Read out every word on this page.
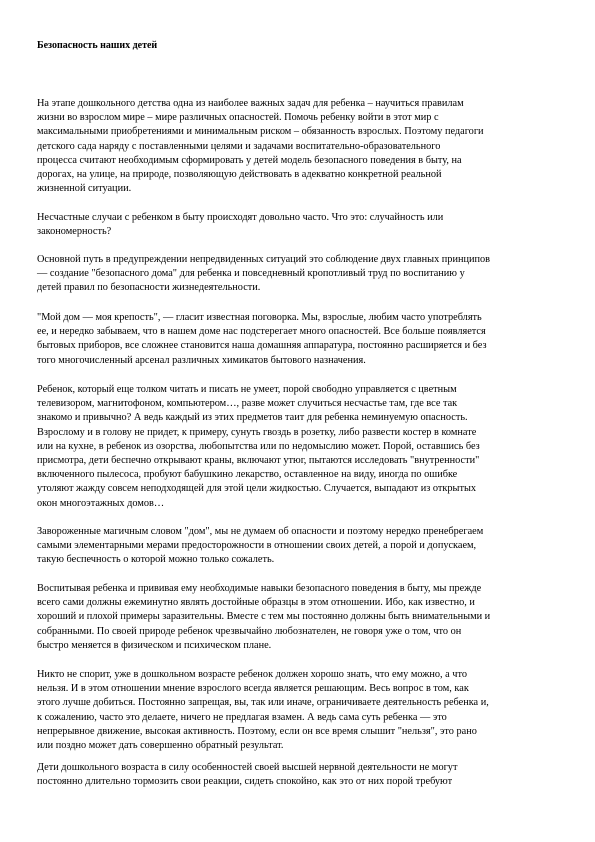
Безопасность наших детей
На этапе дошкольного детства одна из наиболее важных задач для ребенка – научиться правилам
жизни во взрослом мире – мире различных опасностей. Помочь ребенку войти в этот мир с
максимальными приобретениями и минимальным риском – обязанность взрослых. Поэтому педагоги
детского сада наряду с поставленными целями и задачами воспитательно-образовательного
процесса считают необходимым сформировать у детей модель безопасного поведения в быту, на
дорогах, на улице, на природе, позволяющую действовать в адекватно конкретной реальной
жизненной ситуации.
Несчастные случаи с ребенком в быту происходят довольно часто. Что это: случайность или
закономерность?
Основной путь в предупреждении непредвиденных ситуаций это соблюдение двух главных принципов
— создание "безопасного дома" для ребенка и повседневный кропотливый труд по воспитанию у
детей правил по безопасности жизнедеятельности.
"Мой дом — моя крепость", — гласит известная поговорка. Мы, взрослые, любим часто употреблять
ее, и нередко забываем, что в нашем доме нас подстерегает много опасностей. Все больше появляется
бытовых приборов, все сложнее становится наша домашняя аппаратура, постоянно расширяется и без
того многочисленный арсенал различных химикатов бытового назначения.
Ребенок, который еще толком читать и писать не умеет, порой свободно управляется с цветным
телевизором, магнитофоном, компьютером…, разве может случиться несчастье там, где все так
знакомо и привычно? А ведь каждый из этих предметов таит для ребенка неминуемую опасность.
Взрослому и в голову не придет, к примеру, сунуть гвоздь в розетку, либо развести костер в комнате
или на кухне, в ребенок из озорства, любопытства или по недомыслию может. Порой, оставшись без
присмотра, дети беспечно открывают краны, включают утюг, пытаются исследовать "внутренности"
включенного пылесоса, пробуют бабушкино лекарство, оставленное на виду, иногда по ошибке
утоляют жажду совсем неподходящей для этой цели жидкостью. Случается, выпадают из открытых
окон многоэтажных домов…
Завороженные магичным словом "дом", мы не думаем об опасности и поэтому нередко пренебрегаем
самыми элементарными мерами предосторожности в отношении своих детей, а порой и допускаем,
такую беспечность о которой можно только сожалеть.
Воспитывая ребенка и прививая ему необходимые навыки безопасного поведения в быту, мы прежде
всего сами должны ежеминутно являть достойные образцы в этом отношении. Ибо, как известно, и
хороший и плохой примеры заразительны. Вместе с тем мы постоянно должны быть внимательными и
собранными. По своей природе ребенок чрезвычайно любознателен, не говоря уже о том, что он
быстро меняется в физическом и психическом плане.
Никто не спорит, уже в дошкольном возрасте ребенок должен хорошо знать, что ему можно, а что
нельзя. И в этом отношении мнение взрослого всегда является решающим. Весь вопрос в том, как
этого лучше добиться. Постоянно запрещая, вы, так или иначе, ограничиваете деятельность ребенка и,
к сожалению, часто это делаете, ничего не предлагая взамен. А ведь сама суть ребенка — это
непрерывное движение, высокая активность. Поэтому, если он все время слышит "нельзя", это рано
или поздно может дать совершенно обратный результат.
Дети дошкольного возраста в силу особенностей своей высшей нервной деятельности не могут
постоянно длительно тормозить свои реакции, сидеть спокойно, как это от них порой требуют
